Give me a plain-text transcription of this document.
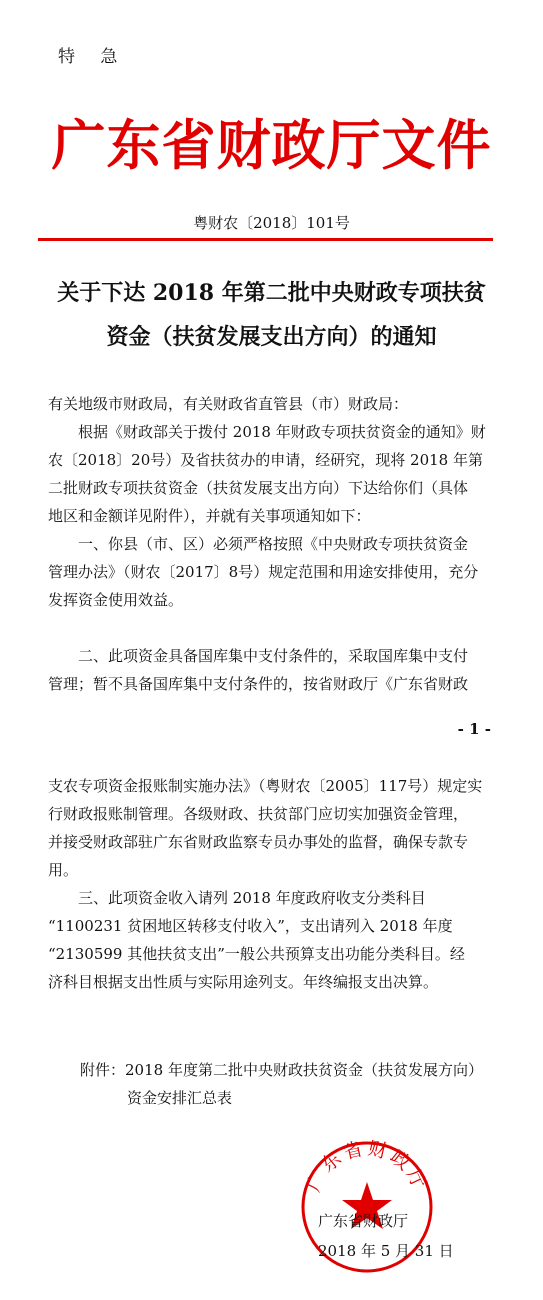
特 急
广东省财政厅文件
粤财农〔2018〕101号
关于下达 2018 年第二批中央财政专项扶贫
资金（扶贫发展支出方向）的通知
有关地级市财政局，有关财政省直管县（市）财政局：
根据《财政部关于拨付 2018 年财政专项扶贫资金的通知》财
农〔2018〕20号）及省扶贫办的申请，经研究，现将 2018 年第
二批财政专项扶贫资金（扶贫发展支出方向）下达给你们（具体
地区和金额详见附件），并就有关事项通知如下：
一、你县（市、区）必须严格按照《中央财政专项扶贫资金
管理办法》（财农〔2017〕8号）规定范围和用途安排使用，充分
发挥资金使用效益。
二、此项资金具备国库集中支付条件的，采取国库集中支付
管理；暂不具备国库集中支付条件的，按省财政厅《广东省财政
- 1 -
支农专项资金报账制实施办法》（粤财农〔2005〕117号）规定实
行财政报账制管理。各级财政、扶贫部门应切实加强资金管理，
并接受财政部驻广东省财政监察专员办事处的监督，确保专款专
用。
三、此项资金收入请列 2018 年度政府收支分类科目
“1100231 贫困地区转移支付收入”，支出请列入 2018 年度
“2130599 其他扶贫支出”一般公共预算支出功能分类科目。经
济科目根据支出性质与实际用途列支。年终编报支出决算。
附件：2018 年度第二批中央财政扶贫资金（扶贫发展方向）
资金安排汇总表
广东省财政厅
广东省财政厅
2018 年 5 月 31 日
